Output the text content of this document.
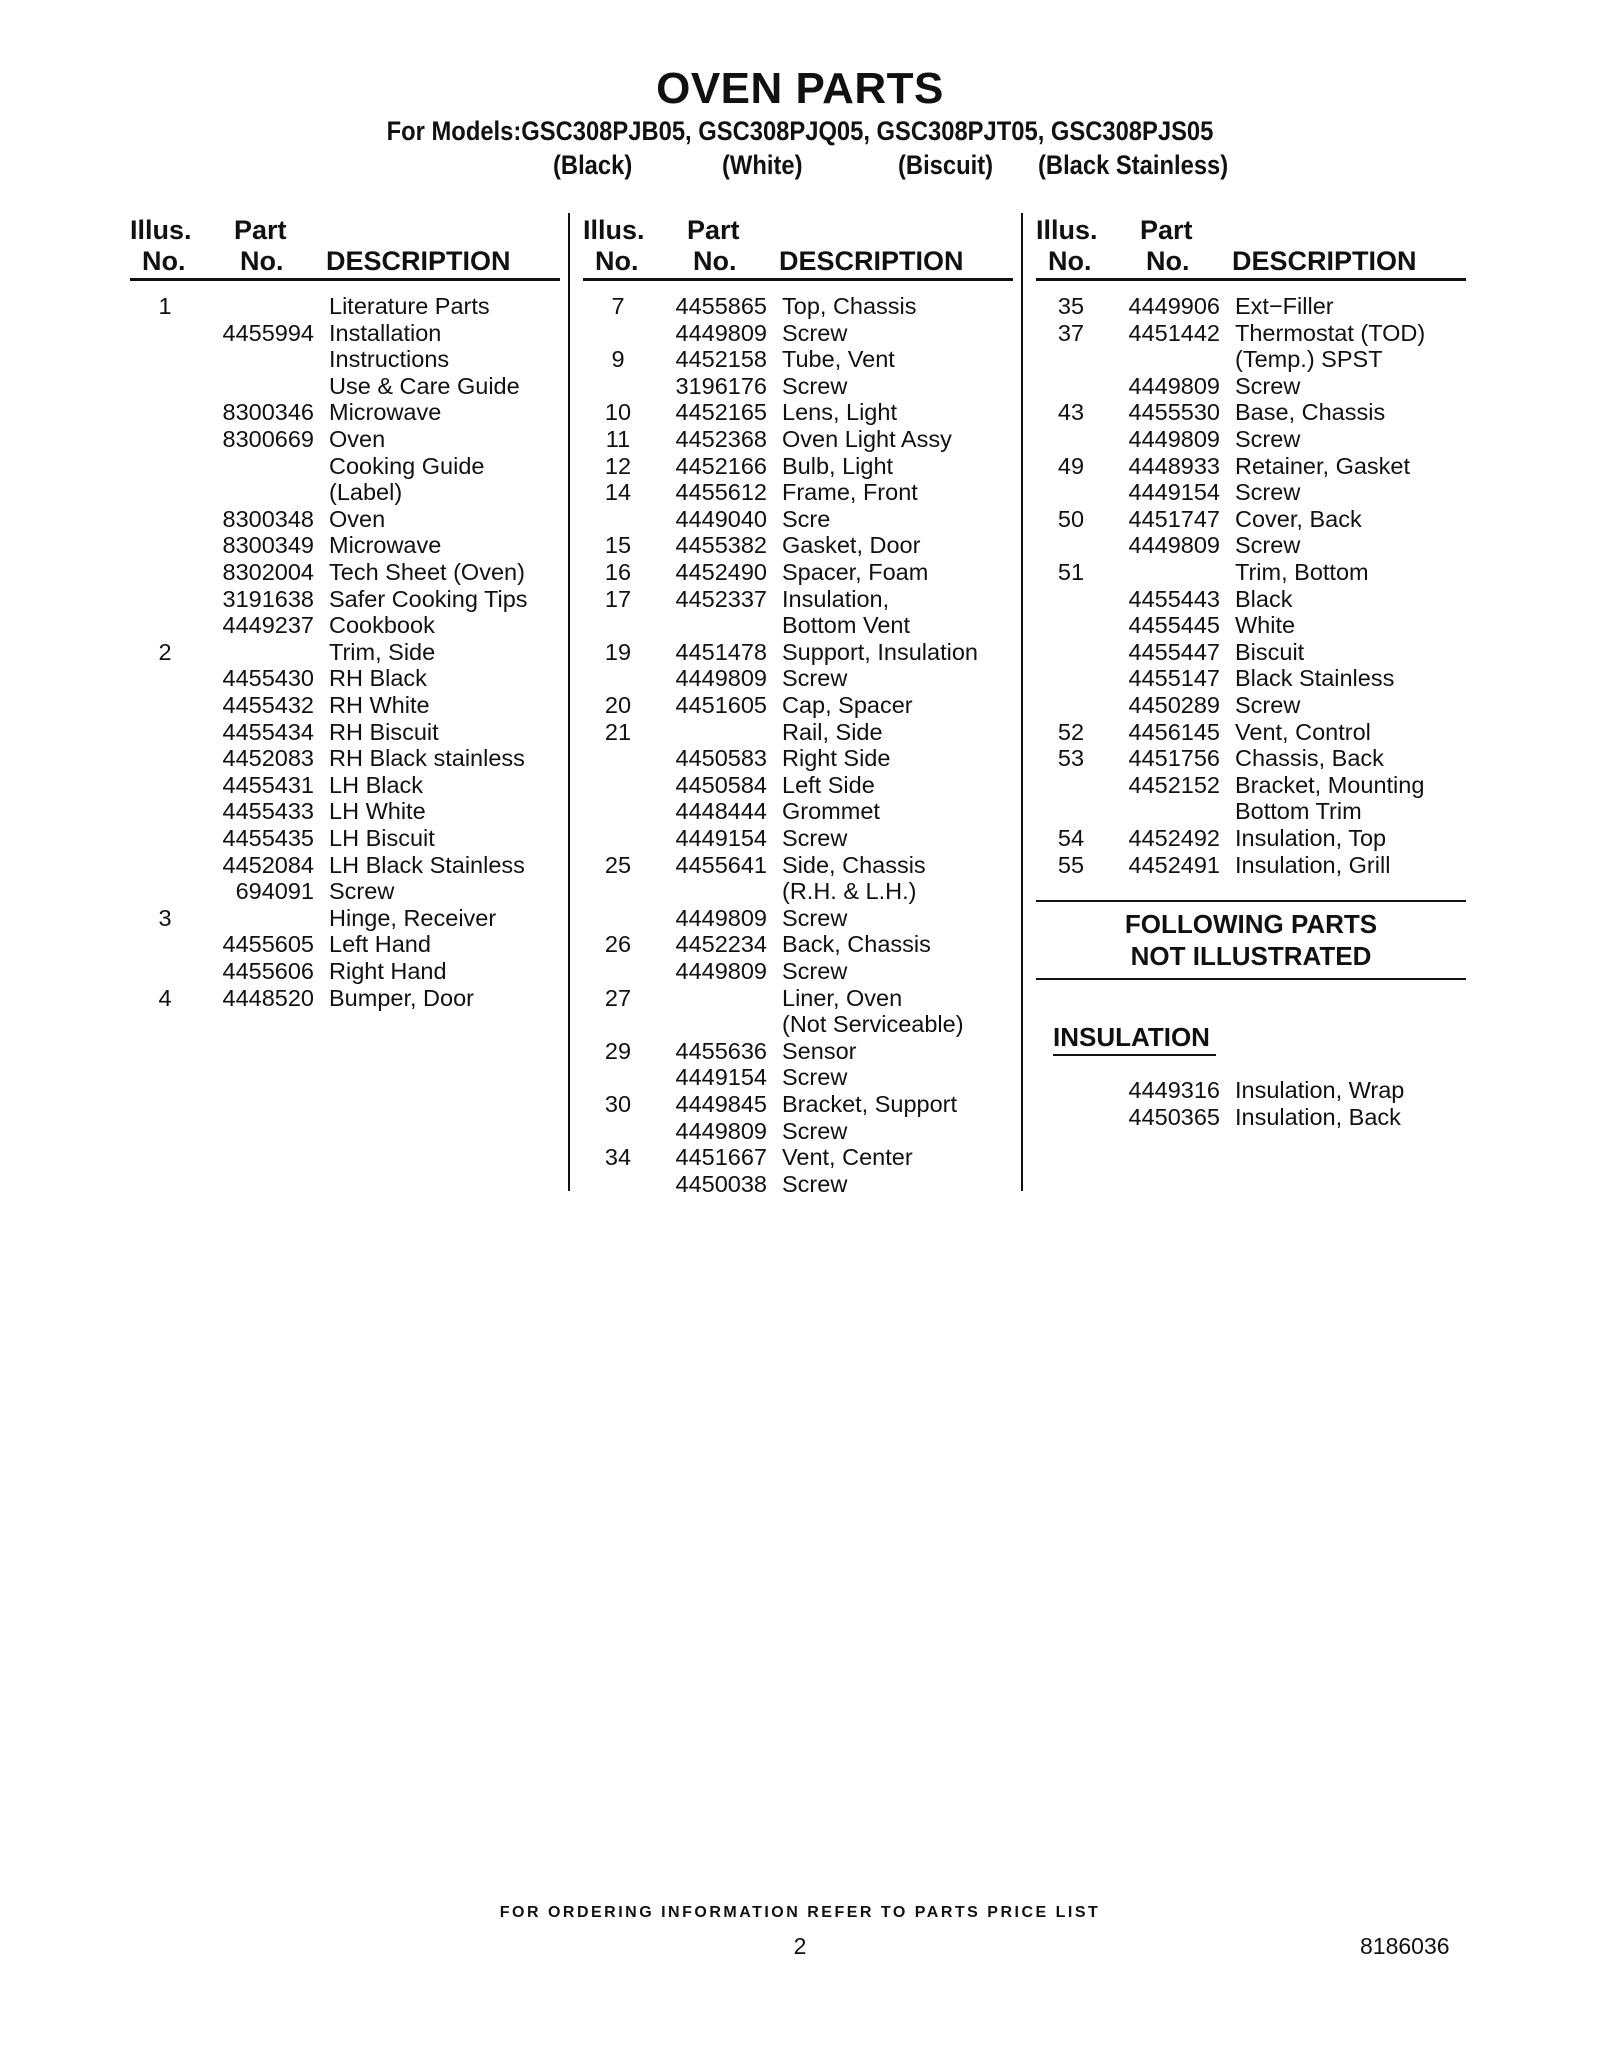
OVEN PARTS
For Models:GSC308PJB05, GSC308PJQ05, GSC308PJT05, GSC308PJS05
(Black)	(White)	(Biscuit) (Black Stainless)
Illus.
No.
Part
No. DESCRIPTION
1	Literature Parts
4455994 Installation
Instructions
Use & Care Guide
8300346 Microwave
8300669 Oven
Cooking Guide
(Label)
8300348 Oven
8300349 Microwave
8302004 Tech Sheet (Oven)
3191638 Safer Cooking Tips
4449237 Cookbook
2	Trim, Side
4455430 RH Black
4455432 RH White
4455434 RH Biscuit
4452083 RH Black stainless
4455431 LH Black
4455433 LH White
4455435 LH Biscuit
4452084 LH Black Stainless
694091 Screw
3	Hinge, Receiver
4455605 Left Hand
4455606 Right Hand
4	4448520 Bumper, Door
Illus.
No.
Part
No. DESCRIPTION
7	4455865 Top, Chassis
4449809 Screw
9	4452158 Tube, Vent
3196176 Screw
10	4452165 Lens, Light
11	4452368 Oven Light Assy
12	4452166 Bulb, Light
14	4455612 Frame, Front
4449040 Scre
15	4455382 Gasket, Door
16	4452490 Spacer, Foam
17	4452337 Insulation,
Bottom Vent
19	4451478 Support, Insulation
4449809 Screw
20	4451605 Cap, Spacer
21	Rail, Side
4450583 Right Side
4450584 Left Side
4448444 Grommet
4449154 Screw
25	4455641 Side, Chassis
(R.H. & L.H.)
4449809 Screw
26	4452234 Back, Chassis
4449809 Screw
27	Liner, Oven
(Not Serviceable)
29	4455636 Sensor
4449154 Screw
30	4449845 Bracket, Support
4449809 Screw
34	4451667 Vent, Center
4450038 Screw
Illus.
No.
Part
No. DESCRIPTION
35	4449906 Ext−Filler
37	4451442 Thermostat (TOD)
(Temp.) SPST
4449809 Screw
43	4455530 Base, Chassis
4449809 Screw
49	4448933 Retainer, Gasket
4449154 Screw
50	4451747 Cover, Back
4449809 Screw
51	Trim, Bottom
4455443 Black
4455445 White
4455447 Biscuit
4455147 Black Stainless
4450289 Screw
52	4456145 Vent, Control
53	4451756 Chassis, Back
4452152 Bracket, Mounting
Bottom Trim
54	4452492 Insulation, Top
55	4452491 Insulation, Grill
FOLLOWING PARTS
NOT ILLUSTRATED
INSULATION
4449316 Insulation, Wrap
4450365 Insulation, Back
FOR ORDERING INFORMATION REFER TO PARTS PRICE LIST
2	8186036
